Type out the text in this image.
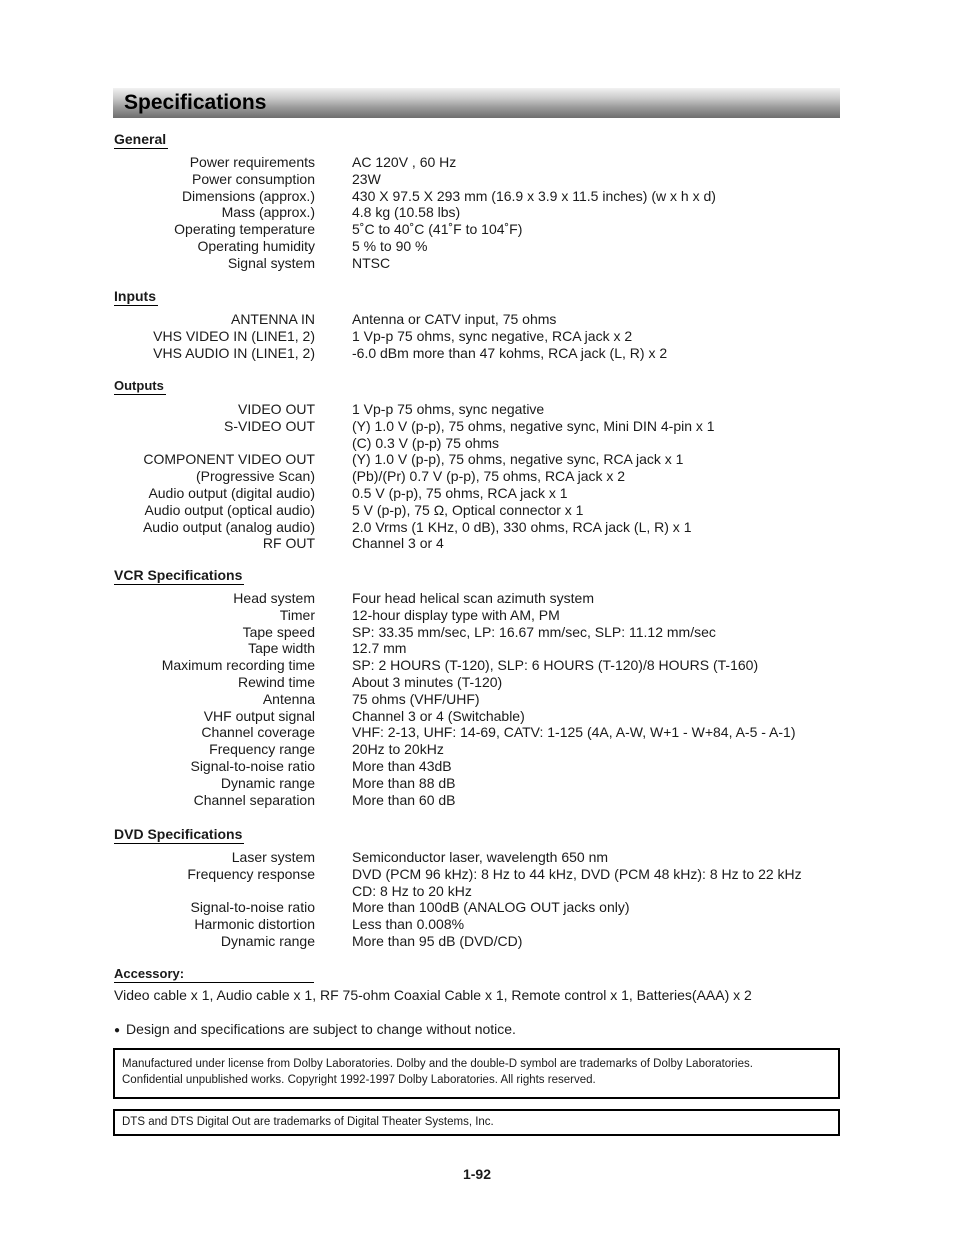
Specifications
General
Power requirements	AC 120V , 60 Hz
Power consumption	23W
Dimensions (approx.)	430 X 97.5 X 293 mm (16.9 x 3.9 x 11.5 inches) (w x h x d)
Mass (approx.)	4.8 kg (10.58 lbs)
Operating temperature	5˚C to 40˚C (41˚F to 104˚F)
Operating humidity	5 % to 90 %
Signal system	NTSC
Inputs
ANTENNA IN	Antenna or CATV input, 75 ohms
VHS VIDEO IN (LINE1, 2)	1 Vp-p 75 ohms, sync negative, RCA jack x 2
VHS AUDIO IN (LINE1, 2)	-6.0 dBm more than 47 kohms, RCA jack (L, R) x 2
Outputs
VIDEO OUT	1 Vp-p 75 ohms, sync negative
S-VIDEO OUT	(Y) 1.0 V (p-p), 75 ohms, negative sync, Mini DIN 4-pin x 1
(C) 0.3 V (p-p) 75 ohms
COMPONENT VIDEO OUT	(Y) 1.0 V (p-p), 75 ohms, negative sync, RCA jack x 1
(Progressive Scan)	(Pb)/(Pr) 0.7 V (p-p), 75 ohms, RCA jack x 2
Audio output (digital audio)	0.5 V (p-p), 75 ohms, RCA jack x 1
Audio output (optical audio)	5 V (p-p), 75 Ω, Optical connector x 1
Audio output (analog audio)	2.0 Vrms (1 KHz, 0 dB), 330 ohms, RCA jack (L, R) x 1
RF OUT	Channel 3 or 4
VCR Specifications
Head system	Four head helical scan azimuth system
Timer	12-hour display type with AM, PM
Tape speed	SP: 33.35 mm/sec, LP: 16.67 mm/sec, SLP: 11.12 mm/sec
Tape width	12.7 mm
Maximum recording time	SP: 2 HOURS (T-120), SLP: 6 HOURS (T-120)/8 HOURS (T-160)
Rewind time	About 3 minutes (T-120)
Antenna	75 ohms (VHF/UHF)
VHF output signal	Channel 3 or 4 (Switchable)
Channel coverage	VHF: 2-13, UHF: 14-69, CATV: 1-125 (4A, A-W, W+1 - W+84, A-5 - A-1)
Frequency range	20Hz to 20kHz
Signal-to-noise ratio	More than 43dB
Dynamic range	More than 88 dB
Channel separation	More than 60 dB
DVD Specifications
Laser system	Semiconductor laser, wavelength 650 nm
Frequency response	DVD (PCM 96 kHz): 8 Hz to 44 kHz, DVD (PCM 48 kHz): 8 Hz to 22 kHz
CD: 8 Hz to 20 kHz
Signal-to-noise ratio	More than 100dB (ANALOG OUT jacks only)
Harmonic distortion	Less than 0.008%
Dynamic range	More than 95 dB (DVD/CD)
Accessory:
Video cable x 1, Audio cable x 1, RF 75-ohm Coaxial Cable x 1, Remote control x 1, Batteries(AAA) x 2
● Design and specifications are subject to change without notice.
Manufactured under license from Dolby Laboratories. Dolby and the double-D symbol are trademarks of Dolby Laboratories.
Confidential unpublished works. Copyright 1992-1997 Dolby Laboratories. All rights reserved.
DTS and DTS Digital Out are trademarks of Digital Theater Systems, Inc.
1-92
